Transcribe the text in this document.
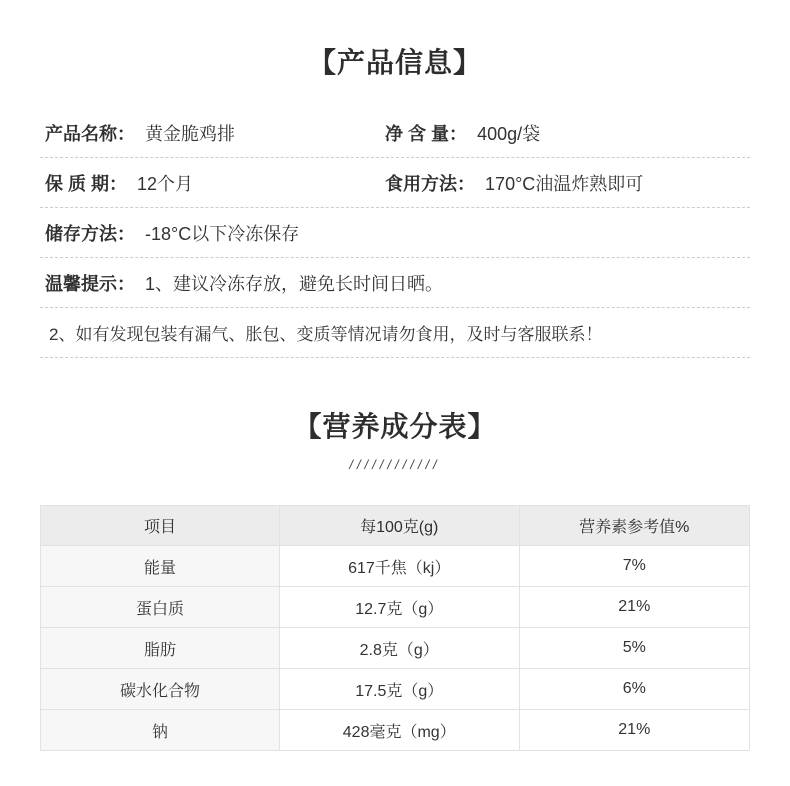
【产品信息】
产品名称： 黄金脆鸡排	净 含 量： 400g/袋
保 质 期： 12个月	食用方法： 170°C油温炸熟即可
储存方法： -18°C以下冷冻保存
温馨提示： 1、建议冷冻存放，避免长时间日晒。
2、如有发现包装有漏气、胀包、变质等情况请勿食用，及时与客服联系！
【营养成分表】
////////////
项目	每100克(g)	营养素参考值%
能量	617千焦（kj）	7%
蛋白质	12.7克（g）	21%
脂肪	2.8克（g）	5%
碳水化合物	17.5克（g）	6%
钠	428毫克（mg）	21%
